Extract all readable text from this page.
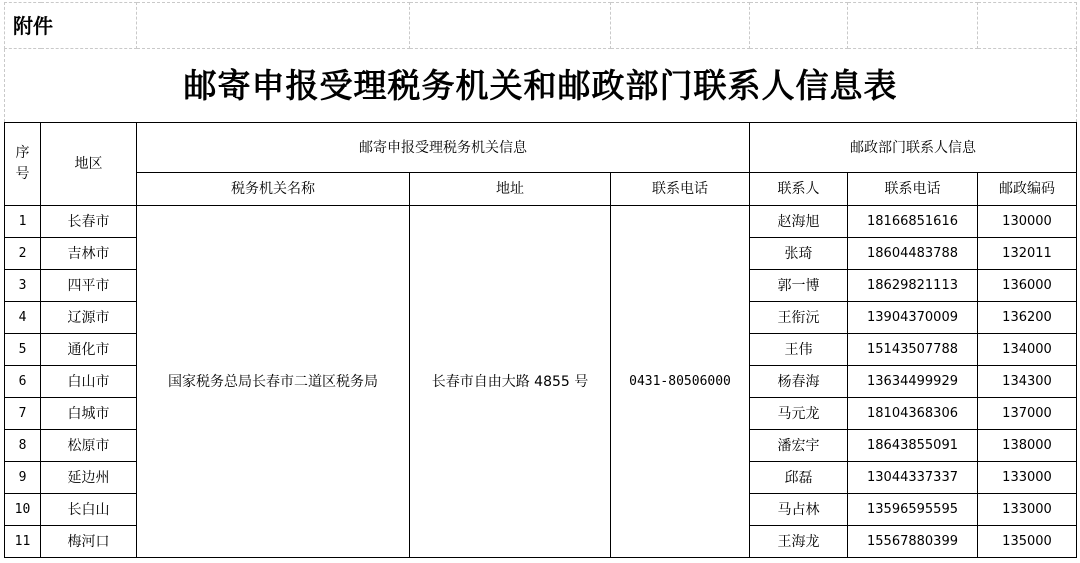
附件							
邮寄申报受理税务机关和邮政部门联系人信息表							
序号	地区	邮寄申报受理税务机关信息			邮政部门联系人信息		
		税务机关名称	地址	联系电话	联系人	联系电话	邮政编码
1	长春市	国家税务总局长春市二道区税务局	长春市自由大路 4855 号	0431-80506000	赵海旭	18166851616	130000
2	吉林市				张琦	18604483788	132011
3	四平市				郭一博	18629821113	136000
4	辽源市				王衔沅	13904370009	136200
5	通化市				王伟	15143507788	134000
6	白山市				杨春海	13634499929	134300
7	白城市				马元龙	18104368306	137000
8	松原市				潘宏宇	18643855091	138000
9	延边州				邱磊	13044337337	133000
10	长白山				马占林	13596595595	133000
11	梅河口				王海龙	15567880399	135000
